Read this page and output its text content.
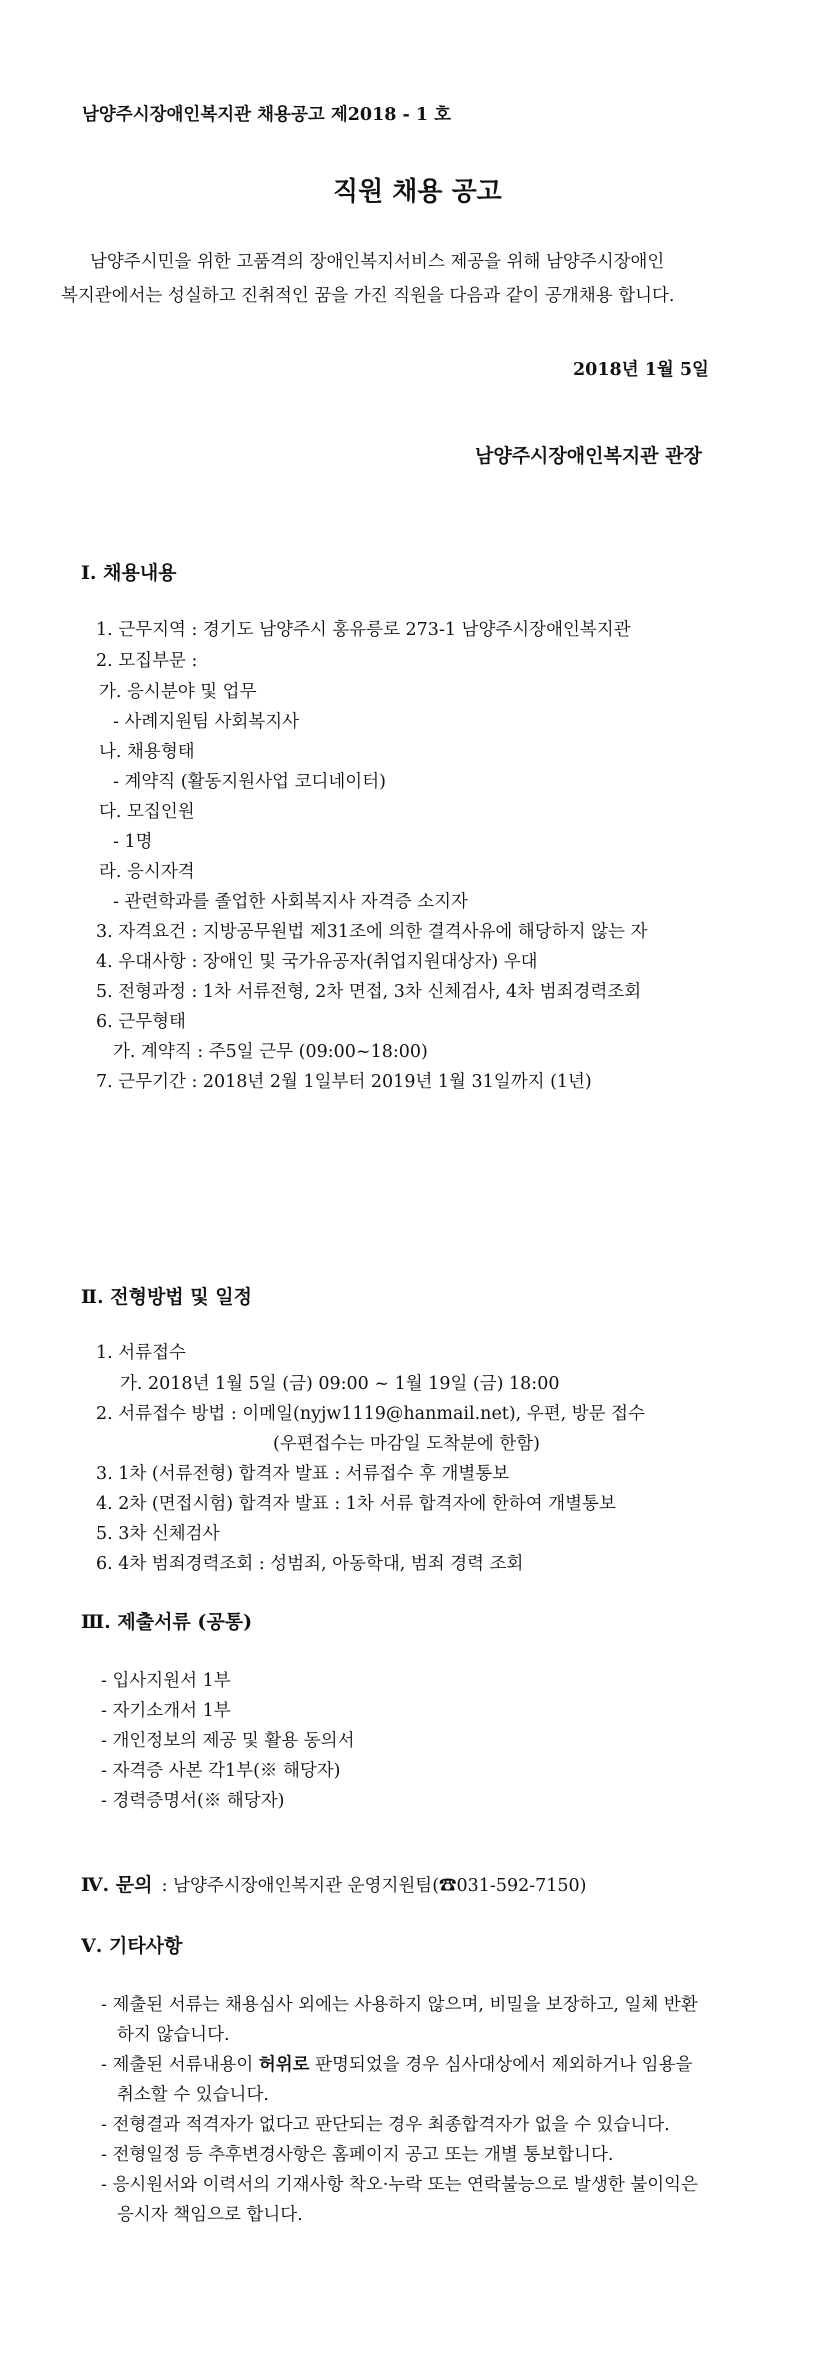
남양주시장애인복지관 채용공고 제2018 - 1 호
직원 채용 공고
남양주시민을 위한 고품격의 장애인복지서비스 제공을 위해 남양주시장애인
복지관에서는 성실하고 진취적인 꿈을 가진 직원을 다음과 같이 공개채용 합니다.
2018년 1월 5일
남양주시장애인복지관 관장
Ⅰ. 채용내용
1. 근무지역 : 경기도 남양주시 홍유릉로 273-1 남양주시장애인복지관
2. 모집부문 :
가. 응시분야 및 업무
- 사례지원팀 사회복지사
나. 채용형태
- 계약직 (활동지원사업 코디네이터)
다. 모집인원
- 1명
라. 응시자격
- 관련학과를 졸업한 사회복지사 자격증 소지자
3. 자격요건 : 지방공무원법 제31조에 의한 결격사유에 해당하지 않는 자
4. 우대사항 : 장애인 및 국가유공자(취업지원대상자) 우대
5. 전형과정 : 1차 서류전형, 2차 면접, 3차 신체검사, 4차 범죄경력조회
6. 근무형태
가. 계약직 : 주5일 근무 (09:00~18:00)
7. 근무기간 : 2018년 2월 1일부터 2019년 1월 31일까지 (1년)
Ⅱ. 전형방법 및 일정
1. 서류접수
가. 2018년 1월 5일 (금) 09:00 ~ 1월 19일 (금) 18:00
2. 서류접수 방법 : 이메일(nyjw1119@hanmail.net), 우편, 방문 접수
(우편접수는 마감일 도착분에 한함)
3. 1차 (서류전형) 합격자 발표 : 서류접수 후 개별통보
4. 2차 (면접시험) 합격자 발표 : 1차 서류 합격자에 한하여 개별통보
5. 3차 신체검사
6. 4차 범죄경력조회 : 성범죄, 아동학대, 범죄 경력 조회
Ⅲ. 제출서류 (공통)
- 입사지원서 1부
- 자기소개서 1부
- 개인정보의 제공 및 활용 동의서
- 자격증 사본 각1부(※ 해당자)
- 경력증명서(※ 해당자)
Ⅳ. 문의 : 남양주시장애인복지관 운영지원팀(☎031-592-7150)
Ⅴ. 기타사항
- 제출된 서류는 채용심사 외에는 사용하지 않으며, 비밀을 보장하고, 일체 반환
하지 않습니다.
- 제출된 서류내용이 허위로 판명되었을 경우 심사대상에서 제외하거나 임용을
취소할 수 있습니다.
- 전형결과 적격자가 없다고 판단되는 경우 최종합격자가 없을 수 있습니다.
- 전형일정 등 추후변경사항은 홈페이지 공고 또는 개별 통보합니다.
- 응시원서와 이력서의 기재사항 착오·누락 또는 연락불능으로 발생한 불이익은
응시자 책임으로 합니다.
